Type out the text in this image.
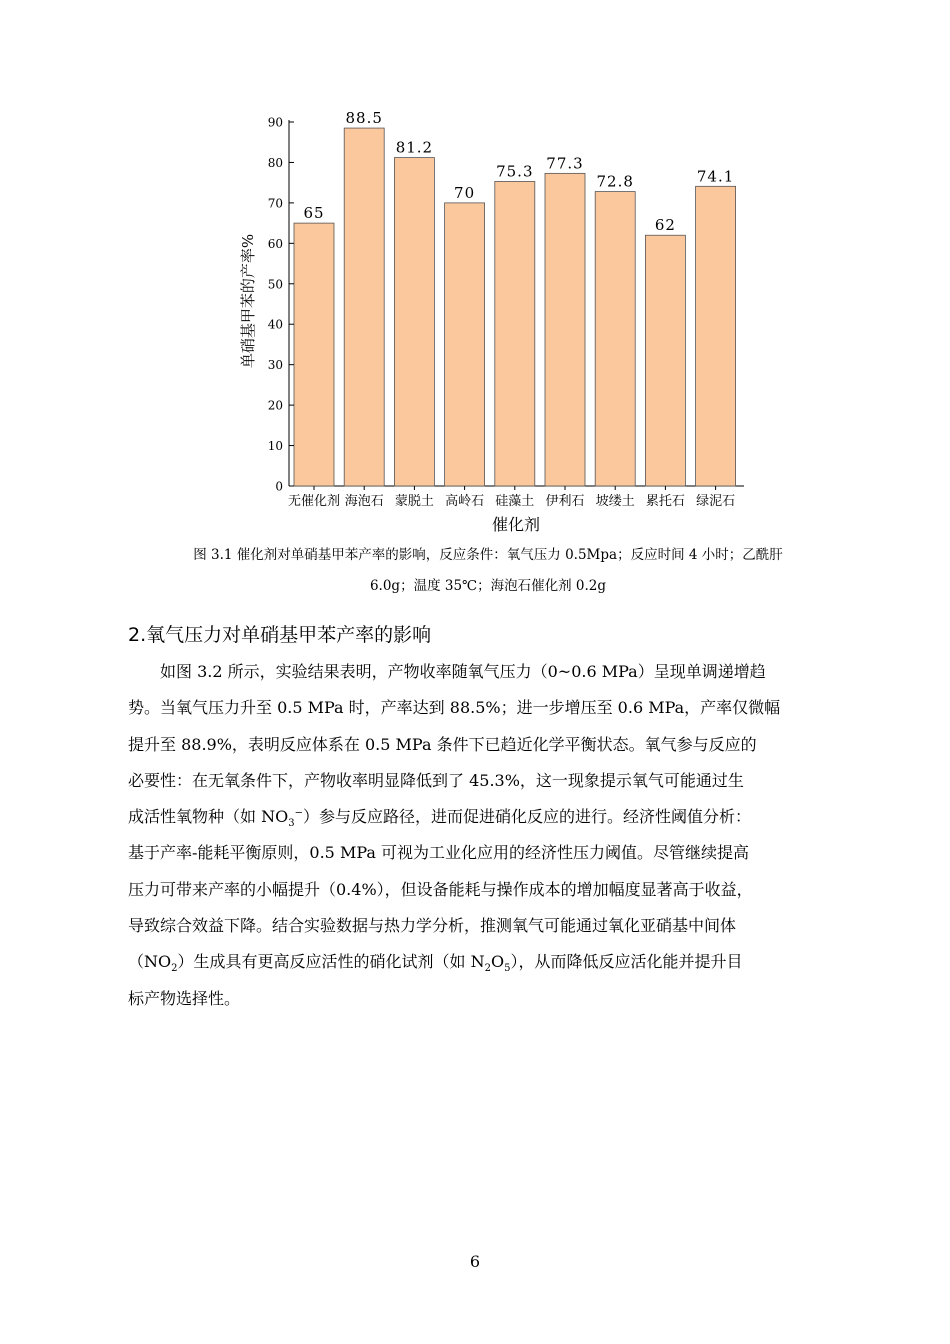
65
88.5
81.2
70
75.3 77.3
72.8
62
74.1
0
10
20
30
40
50
60
70
80
90
无催化剂 海泡石 蒙脱土 高岭石 硅藻土 伊利石 坡缕土 累托石 绿泥石
单硝基甲苯的产率%
催化剂
图 3.1 催化剂对单硝基甲苯产率的影响，反应条件：氧气压力 0.5Mpa；反应时间 4 小时；乙酰肝
6.0g；温度 35℃；海泡石催化剂 0.2g
2.氧气压力对单硝基甲苯产率的影响
如图 3.2 所示，实验结果表明，产物收率随氧气压力（0~0.6 MPa）呈现单调递增趋
势。当氧气压力升至 0.5 MPa 时，产率达到 88.5%；进一步增压至 0.6 MPa，产率仅微幅
提升至 88.9%，表明反应体系在 0.5 MPa 条件下已趋近化学平衡状态。氧气参与反应的
必要性：在无氧条件下，产物收率明显降低到了 45.3%，这一现象提示氧气可能通过生
成活性氧物种（如 $NO_3^-$）参与反应路径，进而促进硝化反应的进行。经济性阈值分析：
基于产率-能耗平衡原则，0.5 MPa 可视为工业化应用的经济性压力阈值。尽管继续提高
压力可带来产率的小幅提升（0.4%），但设备能耗与操作成本的增加幅度显著高于收益，
导致综合效益下降。结合实验数据与热力学分析，推测氧气可能通过氧化亚硝基中间体
$(NO_2)$生成具有更高反应活性的硝化试剂（如 $N_2O_5$），从而降低反应活化能并提升目
标产物选择性。
6
